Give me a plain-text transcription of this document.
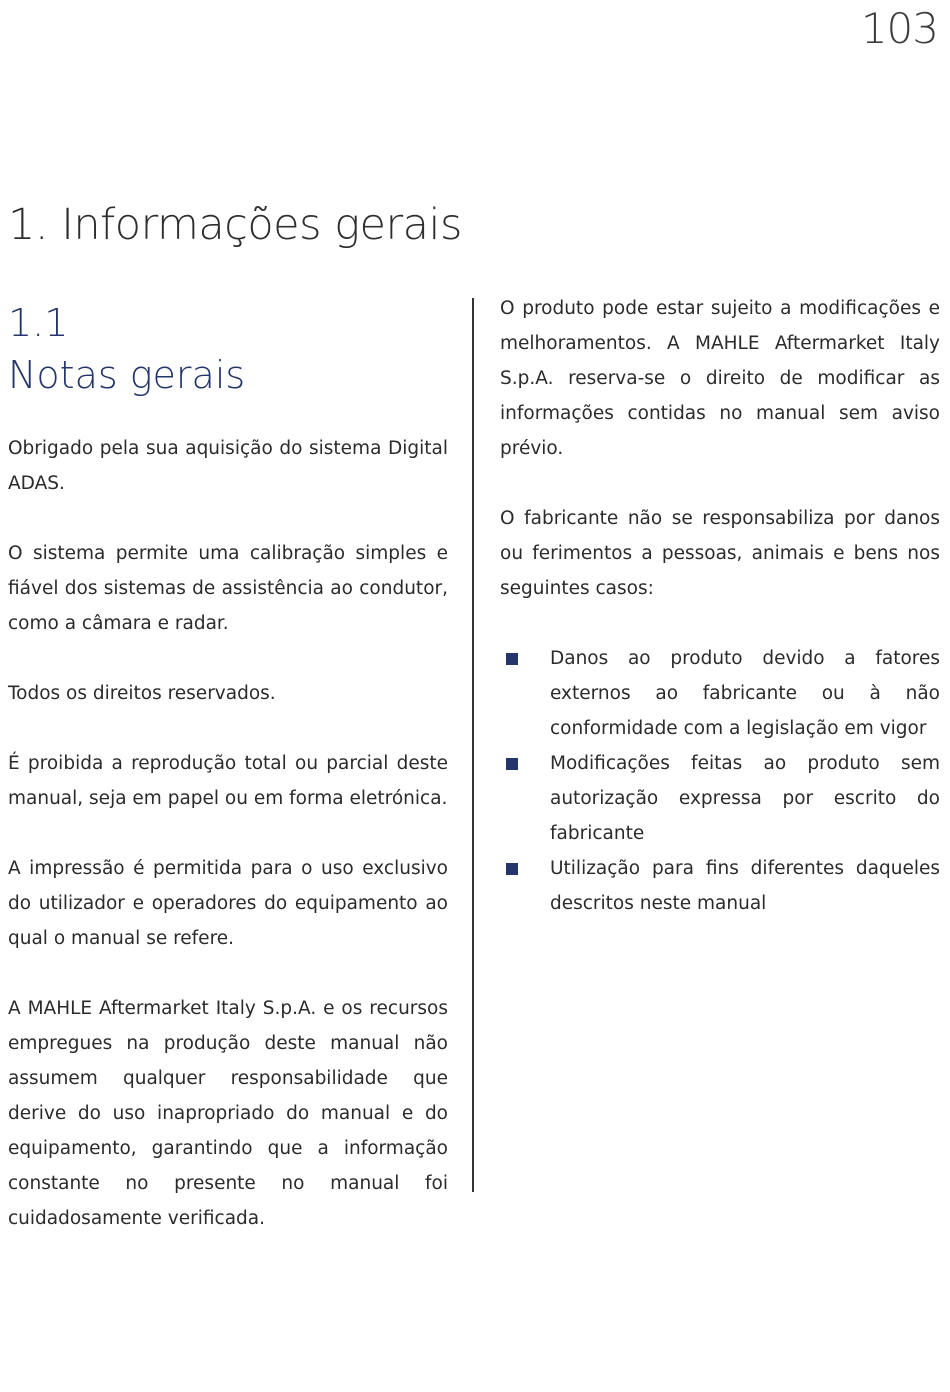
103
1. Informações gerais
1.1
Notas gerais

Obrigado pela sua aquisição do sistema Digital ADAS.

O sistema permite uma calibração simples e fiável dos sistemas de assistência ao condutor, como a câmara e radar.

Todos os direitos reservados.

É proibida a reprodução total ou parcial deste manual, seja em papel ou em forma eletrónica.

A impressão é permitida para o uso exclusivo do utilizador e operadores do equipamento ao qual o manual se refere.

A MAHLE Aftermarket Italy S.p.A. e os recursos empregues na produção deste manual não assumem qualquer responsabilidade que derive do uso inapropriado do manual e do equipamento, garantindo que a informação constante no presente no manual foi cuidadosamente verificada.

O produto pode estar sujeito a modificações e melhoramentos. A MAHLE Aftermarket Italy S.p.A. reserva-se o direito de modificar as informações contidas no manual sem aviso prévio.

O fabricante não se responsabiliza por danos ou ferimentos a pessoas, animais e bens nos seguintes casos:

Danos ao produto devido a fatores externos ao fabricante ou à não conformidade com a legislação em vigor
Modificações feitas ao produto sem autorização expressa por escrito do fabricante
Utilização para fins diferentes daqueles descritos neste manual
